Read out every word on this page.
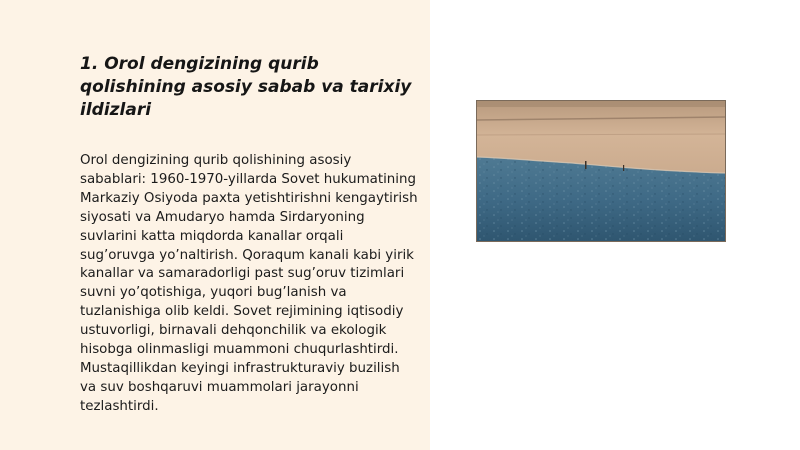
1. Orol dengizining qurib qolishining asosiy sabab va tarixiy ildizlari

Orol dengizining qurib qolishining asosiy sabablari: 1960-1970-yillarda Sovet hukumatining Markaziy Osiyoda paxta yetishtirishni kengaytirish siyosati va Amudaryo hamda Sirdaryoning suvlarini katta miqdorda kanallar orqali sug’oruvga yo’naltirish. Qoraqum kanali kabi yirik kanallar va samaradorligi past sug’oruv tizimlari suvni yo’qotishiga, yuqori bug’lanish va tuzlanishiga olib keldi. Sovet rejimining iqtisodiy ustuvorligi, birnavali dehqonchilik va ekologik hisobga olinmasligi muammoni chuqurlashtirdi. Mustaqillikdan keyingi infrastrukturaviy buzilish va suv boshqaruvi muammolari jarayonni tezlashtirdi.
